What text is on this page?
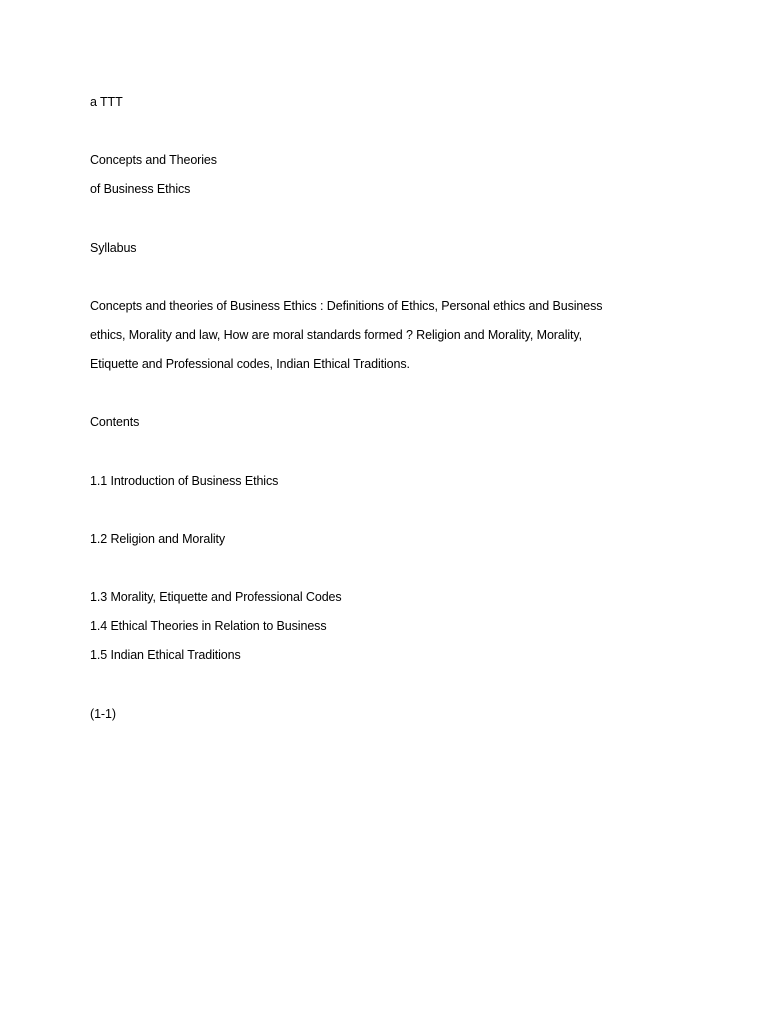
a TTT
Concepts and Theories
of Business Ethics
Syllabus
Concepts and theories of Business Ethics : Definitions of Ethics, Personal ethics and Business
ethics, Morality and law, How are moral standards formed ? Religion and Morality, Morality,
Etiquette and Professional codes, Indian Ethical Traditions.
Contents
1.1 Introduction of Business Ethics
1.2 Religion and Morality
1.3 Morality, Etiquette and Professional Codes
1.4 Ethical Theories in Relation to Business
1.5 Indian Ethical Traditions
(1-1)
